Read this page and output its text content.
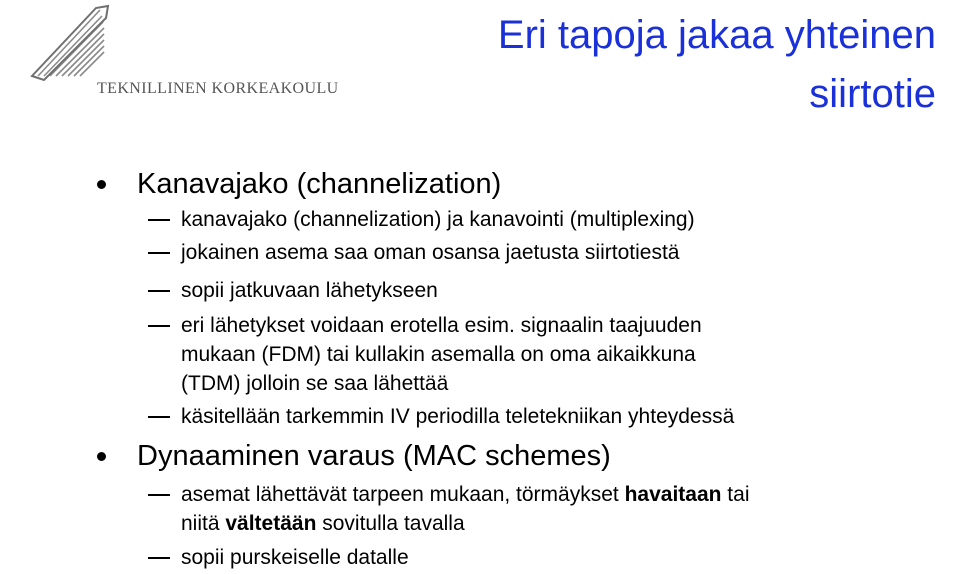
TEKNILLINEN KORKEAKOULU
Eri tapoja jakaa yhteinen
siirtotie
Kanavajako (channelization)
kanavajako (channelization) ja kanavointi (multiplexing)
jokainen asema saa oman osansa jaetusta siirtotiestä
sopii jatkuvaan lähetykseen
eri lähetykset voidaan erotella esim. signaalin taajuuden
mukaan (FDM) tai kullakin asemalla on oma aikaikkuna
(TDM) jolloin se saa lähettää
käsitellään tarkemmin IV periodilla teletekniikan yhteydessä
Dynaaminen varaus (MAC schemes)
asemat lähettävät tarpeen mukaan, törmäykset havaitaan tai
niitä vältetään sovitulla tavalla
sopii purskeiselle datalle
